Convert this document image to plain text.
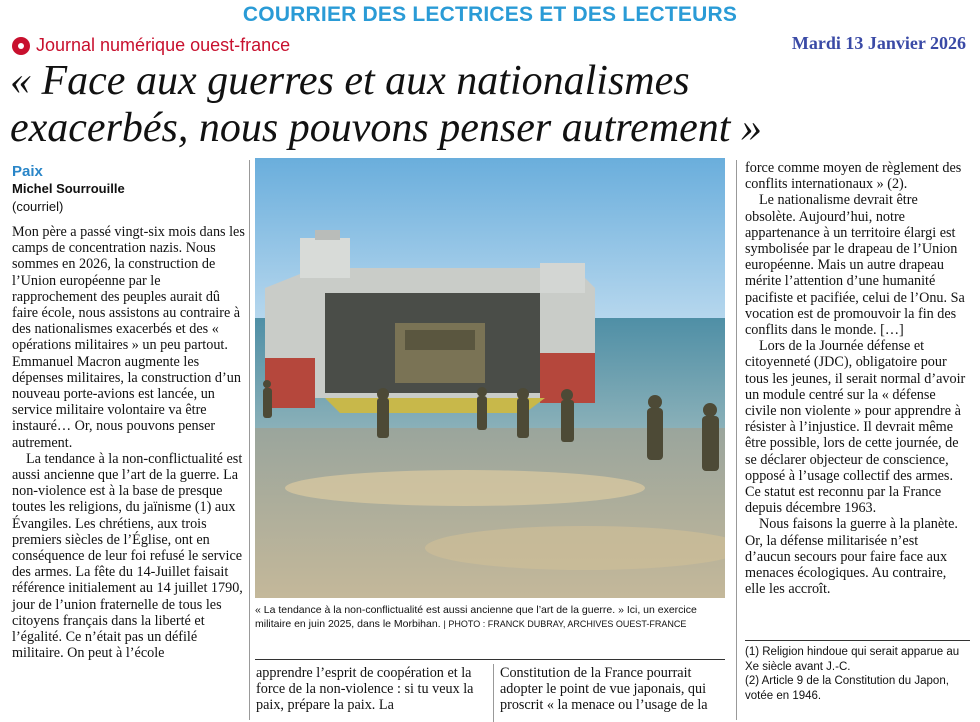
COURRIER DES LECTRICES ET DES LECTEURS
Journal numérique ouest-france	Mardi 13 Janvier 2026
« Face aux guerres et aux nationalismes
exacerbés, nous pouvons penser autrement »
Paix
Michel Sourrouille
(courriel)

Mon père a passé vingt-six mois dans les camps de concentration nazis. Nous sommes en 2026, la construction de l’Union européenne par le rapprochement des peuples aurait dû faire école, nous assistons au contraire à des nationalismes exacerbés et des « opérations militaires » un peu partout. Emmanuel Macron augmente les dépenses militaires, la construction d’un nouveau porte-avions est lancée, un service militaire volontaire va être instauré… Or, nous pouvons penser autrement.

La tendance à la non-conflictualité est aussi ancienne que l’art de la guerre. La non-violence est à la base de presque toutes les religions, du jaïnisme (1) aux Évangiles. Les chrétiens, aux trois premiers siècles de l’Église, ont en conséquence de leur foi refusé le service des armes. La fête du 14-Juillet faisait référence initialement au 14 juillet 1790, jour de l’union fraternelle de tous les citoyens français dans la liberté et l’égalité. Ce n’était pas un défilé militaire. On peut à l’école

« La tendance à la non-conflictualité est aussi ancienne que l’art de la guerre. » Ici, un exercice militaire en juin 2025, dans le Morbihan. | PHOTO : FRANCK DUBRAY, ARCHIVES OUEST-FRANCE

apprendre l’esprit de coopération et la force de la non-violence : si tu veux la paix, prépare la paix. La

Constitution de la France pourrait adopter le point de vue japonais, qui proscrit « la menace ou l’usage de la

force comme moyen de règlement des conflits internationaux » (2).

Le nationalisme devrait être obsolète. Aujourd’hui, notre appartenance à un territoire élargi est symbolisée par le drapeau de l’Union européenne. Mais un autre drapeau mérite l’attention d’une humanité pacifiste et pacifiée, celui de l’Onu. Sa vocation est de promouvoir la fin des conflits dans le monde. […]

Lors de la Journée défense et citoyenneté (JDC), obligatoire pour tous les jeunes, il serait normal d’avoir un module centré sur la « défense civile non violente » pour apprendre à résister à l’injustice. Il devrait même être possible, lors de cette journée, de se déclarer objecteur de conscience, opposé à l’usage collectif des armes. Ce statut est reconnu par la France depuis décembre 1963.

Nous faisons la guerre à la planète. Or, la défense militarisée n’est d’aucun secours pour faire face aux menaces écologiques. Au contraire, elle les accroît.

(1) Religion hindoue qui serait apparue au Xe siècle avant J.-C.

(2) Article 9 de la Constitution du Japon, votée en 1946.
